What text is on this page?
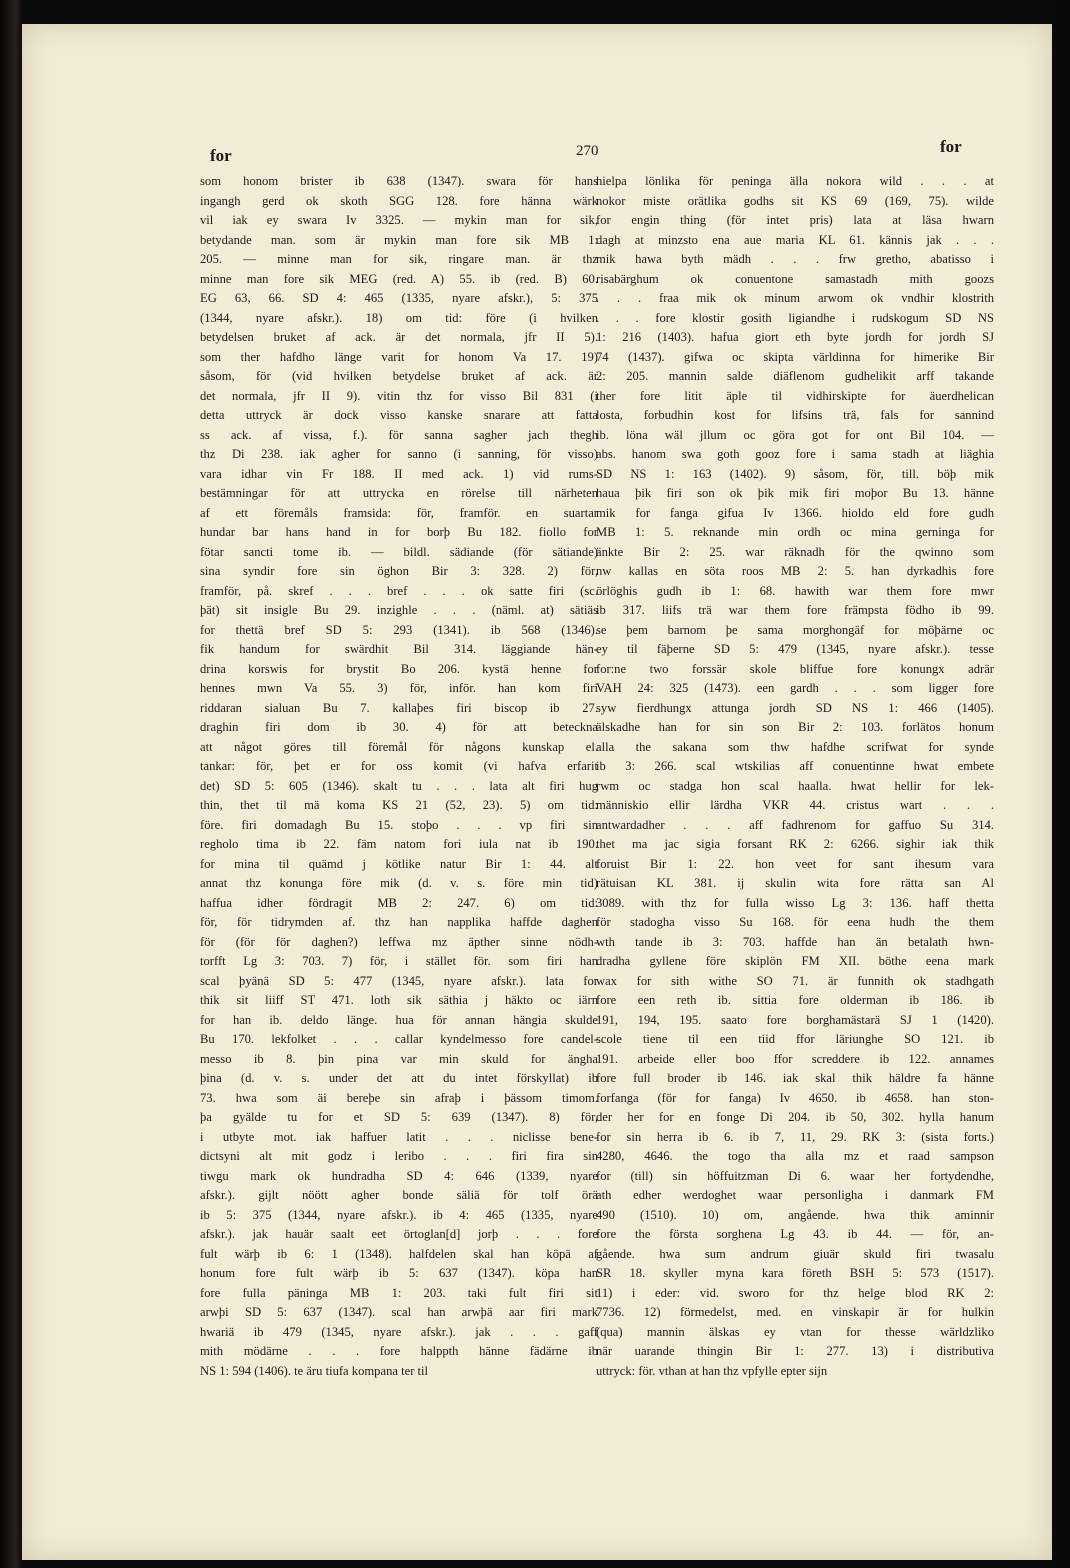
for	270	for
som honom brister ib 638 (1347). swara för hans
ingangh gerd ok skoth SGG 128. fore hänna wärk
vil iak ey swara Iv 3325. — mykin man for sik,
betydande man. som är mykin man fore sik MB 1:
205. — minne man for sik, ringare man. är thz
minne man fore sik MEG (red. A) 55. ib (red. B) 60.
EG 63, 66. SD 4: 465 (1335, nyare afskr.), 5: 375
(1344, nyare afskr.). 18) om tid: före (i hvilken
betydelsen bruket af ack. är det normala, jfr II 5).
som ther hafdho länge varit for honom Va 17. 19)
såsom, för (vid hvilken betydelse bruket af ack. är
det normala, jfr II 9). vitin thz for visso Bil 831 (i
detta uttryck är dock visso kanske snarare att fatta
ss ack. af vissa, f.). för sanna sagher jach thegh
thz Di 238. iak agher for sanno (i sanning, för visso)
vara idhar vin Fr 188. II med ack. 1) vid rums-
bestämningar för att uttrycka en rörelse till närheten
af ett föremåls framsida: för, framför. en suartar
hundar bar hans hand in for borþ Bu 182. fiollo for
fötar sancti tome ib. — bildl. sädiande (för sätiande)
sina syndir fore sin öghon Bir 3: 328. 2) för,
framför, på. skref . . . bref . . . ok satte firi (sc.
þät) sit insigle Bu 29. inzighle . . . (näml. at) sätiäs
for thettä bref SD 5: 293 (1341). ib 568 (1346).
fik handum for swärdhit Bil 314. läggiande hän-
drina korswis for brystit Bo 206. kystä henne for
hennes mwn Va 55. 3) för, inför. han kom firi
riddaran sialuan Bu 7. kallaþes firi biscop ib 27.
draghin firi dom ib 30. 4) för att beteckna
att något göres till föremål för någons kunskap el.
tankar: för, þet er for oss komit (vi hafva erfarit
det) SD 5: 605 (1346). skalt tu . . . lata alt firi hug
thin, thet til mä koma KS 21 (52, 23). 5) om tid:
före. firi domadagh Bu 15. stoþo . . . vp firi sin
regholo tima ib 22. fäm natom fori iula nat ib 190.
for mina til quämd j kötlike natur Bir 1: 44. alt
annat thz konunga före mik (d. v. s. före min tid)
haffua idher fördragit MB 2: 247. 6) om tid:
för, för tidrymden af. thz han napplika haffde daghen
för (för för daghen?) leffwa mz äpther sinne nödh-
torfft Lg 3: 703. 7) för, i stället för. som firi han
scal þyänä SD 5: 477 (1345, nyare afskr.). lata for
thik sit liiff ST 471. loth sik säthia j häkto oc iärn
for han ib. deldo länge. hua för annan hängia skulde
Bu 170. lekfolket . . . callar kyndelmesso fore candel-
messo ib 8. þin pina var min skuld for ängha
þina (d. v. s. under det att du intet förskyllat) ib
73. hwa som äi bereþe sin afraþ i þässom timom.
þa gyälde tu for et SD 5: 639 (1347). 8) för,
i utbyte mot. iak haffuer latit . . . niclisse bene-
dictsyni alt mit godz i leribo . . . firi fira sin
tiwgu mark ok hundradha SD 4: 646 (1339, nyare
afskr.). gijlt nöött agher bonde säliä för tolf örä
ib 5: 375 (1344, nyare afskr.). ib 4: 465 (1335, nyare
afskr.). jak hauär saalt eet örtoglan[d] jorþ . . . fore
fult wärþ ib 6: 1 (1348). halfdelen skal han köpä af
honum fore fult wärþ ib 5: 637 (1347). köpa han
fore fulla päninga MB 1: 203. taki fult firi sit
arwþi SD 5: 637 (1347). scal han arwþä aar firi mark
hwariä ib 479 (1345, nyare afskr.). jak . . . gaff
mith mödärne . . . fore halppth hänne fädärne ib
NS 1: 594 (1406). te äru tiufa kompana ter til
hielpa lönlika för peninga älla nokora wild . . . at
nokor miste orätlika godhs sit KS 69 (169, 75). wilde
for engin thing (för intet pris) lata at läsa hwarn
dagh at minzsto ena aue maria KL 61. kännis jak . . .
mik hawa byth mädh . . . frw gretho, abatisso i
risabärghum ok conuentone samastadh mith goozs
. . . fraa mik ok minum arwom ok vndhir klostrith
. . . fore klostir gosith ligiandhe i rudskogum SD NS
1: 216 (1403). hafua giort eth byte jordh for jordh SJ
74 (1437). gifwa oc skipta världinna for himerike Bir
2: 205. mannin salde diäflenom gudhelikit arff takande
ther fore litit äple til vidhirskipte for äuerdhelican
losta, forbudhin kost for lifsins trä, fals for sannind
ib. löna wäl jllum oc göra got for ont Bil 104. —
abs. hanom swa goth gooz fore i sama stadh at liäghia
SD NS 1: 163 (1402). 9) såsom, för, till. böþ mik
haua þik firi son ok þik mik firi moþor Bu 13. hänne
mik for fanga gifua Iv 1366. hioldo eld fore gudh
MB 1: 5. reknande min ordh oc mina gerninga for
änkte Bir 2: 25. war räknadh för the qwinno som
nw kallas en söta roos MB 2: 5. han dyrkadhis fore
örlöghis gudh ib 1: 68. hawith war them fore mwr
ib 317. liifs trä war them fore främpsta födho ib 99.
se þem barnom þe sama morghongäf for möþärne oc
ey til fäþerne SD 5: 479 (1345, nyare afskr.). tesse
for:ne two forssär skole bliffue fore konungx adrär
VAH 24: 325 (1473). een gardh . . . som ligger fore
syw fierdhungx attunga jordh SD NS 1: 466 (1405).
älskadhe han for sin son Bir 2: 103. forlätos honum
alla the sakana som thw hafdhe scrifwat for synde
ib 3: 266. scal wtskilias aff conuentinne hwat embete
rwm oc stadga hon scal haalla. hwat hellir for lek-
människio ellir lärdha VKR 44. cristus wart . . .
antwardadher . . . aff fadhrenom for gaffuo Su 314.
thet ma jac sigia forsant RK 2: 6266. sighir iak thik
foruist Bir 1: 22. hon veet for sant ihesum vara
rätuisan KL 381. ij skulin wita fore rätta san Al
3089. with thz for fulla wisso Lg 3: 136. haff thetta
för stadogha visso Su 168. för eena hudh the them
wth tande ib 3: 703. haffde han än betalath hwn-
dradha gyllene före skiplön FM XII. böthe eena mark
wax for sith withe SO 71. är funnith ok stadhgath
fore een reth ib. sittia fore olderman ib 186. ib
191, 194, 195. saato fore borghamästarä SJ 1 (1420).
scole tiene til een tiid ffor läriunghe SO 121. ib
191. arbeide eller boo ffor screddere ib 122. annames
fore full broder ib 146. iak skal thik häldre fa hänne
forfanga (för for fanga) Iv 4650. ib 4658. han ston-
der her for en fonge Di 204. ib 50, 302. hylla hanum
for sin herra ib 6. ib 7, 11, 29. RK 3: (sista forts.)
4280, 4646. the togo tha alla mz et raad sampson
for (till) sin höffuitzman Di 6. waar her fortydendhe,
ath edher werdoghet waar personligha i danmark FM
490 (1510). 10) om, angående. hwa thik aminnir
fore the första sorghena Lg 43. ib 44. — för, an-
gående. hwa sum andrum giuär skuld firi twasalu
SR 18. skyller myna kara företh BSH 5: 573 (1517).
11) i eder: vid. sworo for thz helge blod RK 2:
7736. 12) förmedelst, med. en vinskapir är for hulkin
(qua) mannin älskas ey vtan for thesse wärldzliko
när uarande thingin Bir 1: 277. 13) i distributiva
uttryck: för. vthan at han thz vpfylle epter sijn
